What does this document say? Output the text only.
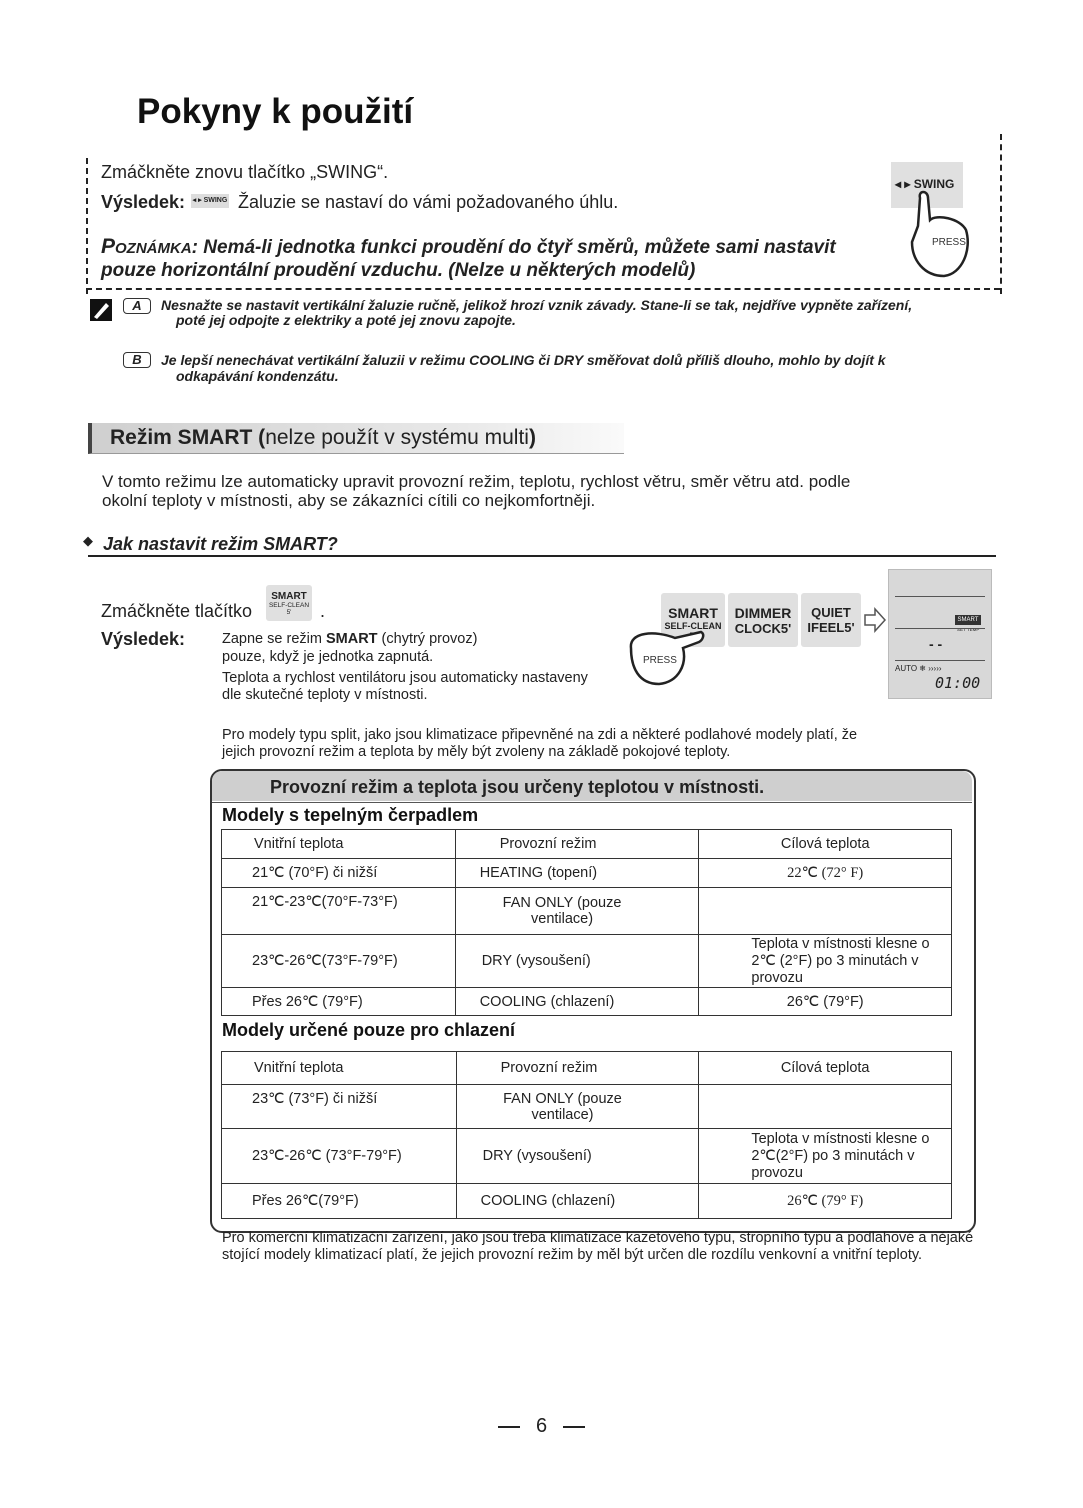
Pokyny k použití
Zmáčkněte znovu tlačítko „SWING“.
Výsledek: ◂ ▸ SWING Žaluzie se nastaví do vámi požadovaného úhlu.
Poznámka: Nemá-li jednotka funkci proudění do čtyř směrů, můžete sami nastavit
pouze horizontální proudění vzduchu. (Nelze u některých modelů)
◂ ▸ SWING
PRESS
A	Nesnažte se nastavit vertikální žaluzie ručně, jelikož hrozí vznik závady. Stane-li se tak, nejdříve vypněte zařízení,
poté jej odpojte z elektriky a poté jej znovu zapojte.
B	Je lepší nenechávat vertikální žaluzii v režimu COOLING či DRY směřovat dolů příliš dlouho, mohlo by dojít k
odkapávání kondenzátu.
Režim SMART (nelze použít v systému multi)
V tomto režimu lze automaticky upravit provozní režim, teplotu, rychlost větru, směr větru atd. podle
okolní teploty v místnosti, aby se zákazníci cítili co nejkomfortněji.
◆ Jak nastavit režim SMART?
Zmáčkněte tlačítko
SMART
SELF-CLEAN 5'	.
Výsledek:	Zapne se režim SMART (chytrý provoz)
pouze, když je jednotka zapnutá.
Teplota a rychlost ventilátoru jsou automaticky nastaveny
dle skutečné teploty v místnosti.
SMART
SELF-CLEAN
DIMMER
CLOCK5'
QUIET
IFEEL5'
PRESS
SMART
SET TEMP
- -
AUTO ❄ ›››››
01:00
Pro modely typu split, jako jsou klimatizace připevněné na zdi a některé podlahové modely platí, že
jejich provozní režim a teplota by měly být zvoleny na základě pokojové teploty.
Provozní režim a teplota jsou určeny teplotou v místnosti.
Modely s tepelným čerpadlem
Vnitřní teplota	Provozní režim	Cílová teplota
21℃ (70°F) či nižší	HEATING (topení)	22℃ (72° F)
21℃-23℃(70°F-73°F)	FAN ONLY (pouze ventilace)	
23℃-26℃(73°F-79°F)	DRY (vysoušení)	Teplota v místnosti klesne o 2℃ (2°F) po 3 minutách v provozu
Přes 26℃ (79°F)	COOLING (chlazení)	26℃ (79°F)
Modely určené pouze pro chlazení
Vnitřní teplota	Provozní režim	Cílová teplota
23℃ (73°F) či nižší	FAN ONLY (pouze ventilace)	
23℃-26℃ (73°F-79°F)	DRY (vysoušení)	Teplota v místnosti klesne o 2℃(2°F) po 3 minutách v provozu
Přes 26℃(79°F)	COOLING (chlazení)	26℃ (79° F)
Pro komerční klimatizační zařízení, jako jsou třeba klimatizace kazetového typu, stropního typu a podlahové a nějaké
stojící modely klimatizací platí, že jejich provozní režim by měl být určen dle rozdílu venkovní a vnitřní teploty.
6
